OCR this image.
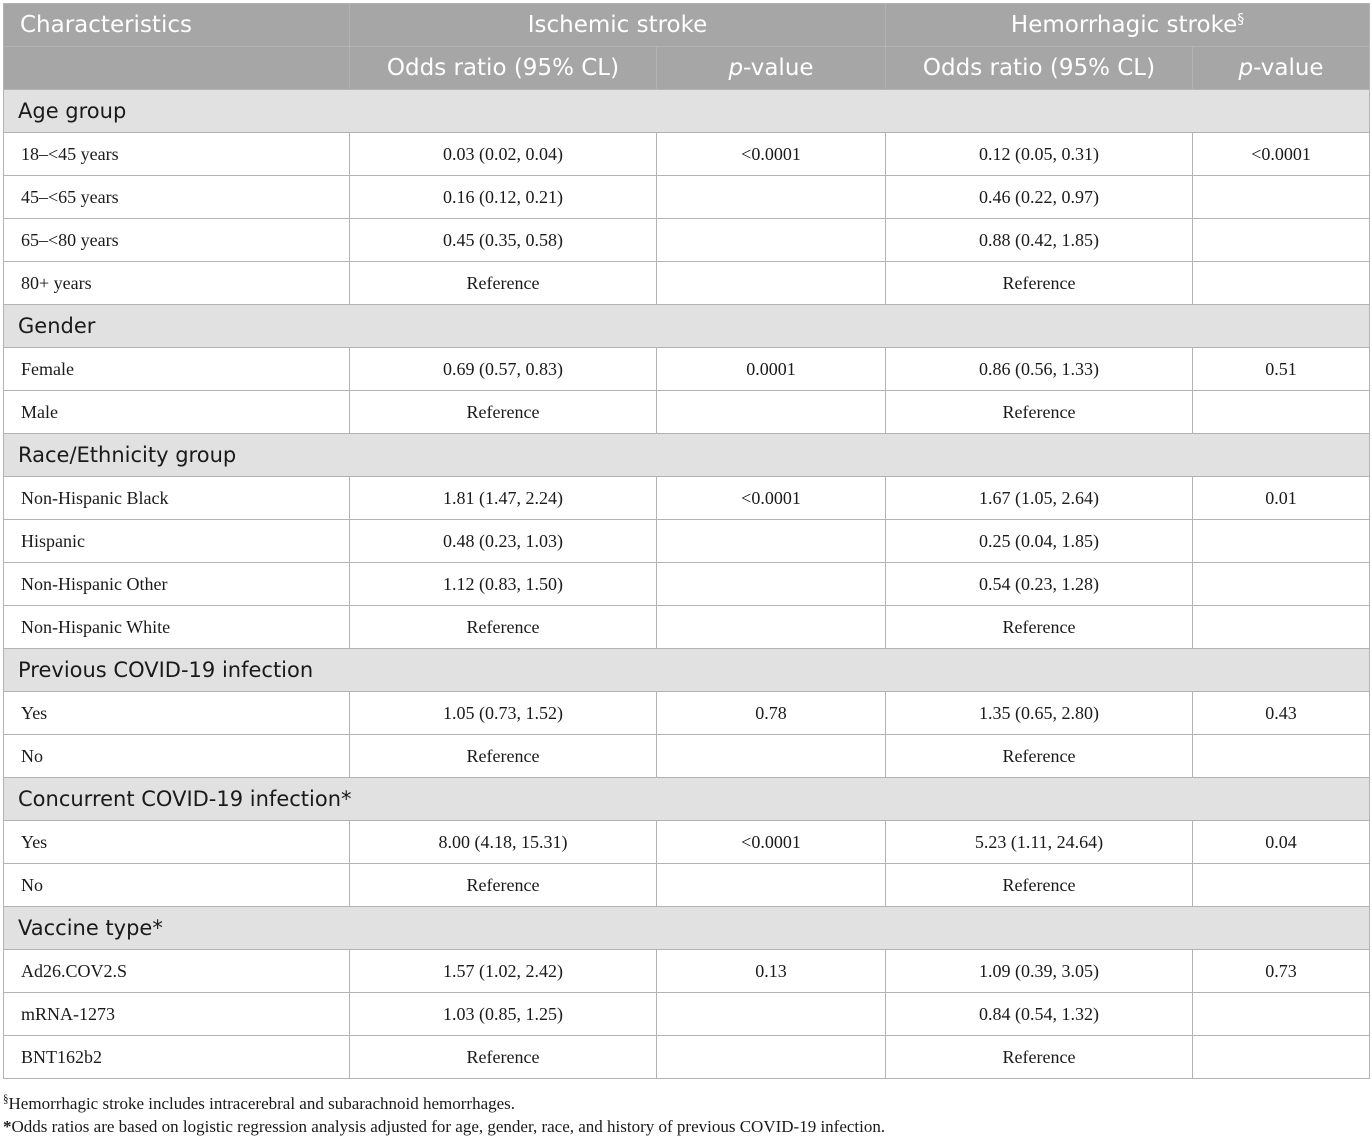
Characteristics	Ischemic stroke		Hemorrhagic stroke§
	Odds ratio (95% CL)	p-value	Odds ratio (95% CL)	p-value
Age group				
18–<45 years	0.03 (0.02, 0.04)	<0.0001	0.12 (0.05, 0.31)	<0.0001
45–<65 years	0.16 (0.12, 0.21)		0.46 (0.22, 0.97)	
65–<80 years	0.45 (0.35, 0.58)		0.88 (0.42, 1.85)	
80+ years	Reference		Reference	
Gender				
Female	0.69 (0.57, 0.83)	0.0001	0.86 (0.56, 1.33)	0.51
Male	Reference		Reference	
Race/Ethnicity group				
Non-Hispanic Black	1.81 (1.47, 2.24)	<0.0001	1.67 (1.05, 2.64)	0.01
Hispanic	0.48 (0.23, 1.03)		0.25 (0.04, 1.85)	
Non-Hispanic Other	1.12 (0.83, 1.50)		0.54 (0.23, 1.28)	
Non-Hispanic White	Reference		Reference	
Previous COVID-19 infection				
Yes	1.05 (0.73, 1.52)	0.78	1.35 (0.65, 2.80)	0.43
No	Reference		Reference	
Concurrent COVID-19 infection*				
Yes	8.00 (4.18, 15.31)	<0.0001	5.23 (1.11, 24.64)	0.04
No	Reference		Reference	
Vaccine type*				
Ad26.COV2.S	1.57 (1.02, 2.42)	0.13	1.09 (0.39, 3.05)	0.73
mRNA-1273	1.03 (0.85, 1.25)		0.84 (0.54, 1.32)	
BNT162b2	Reference		Reference	

§Hemorrhagic stroke includes intracerebral and subarachnoid hemorrhages.

*Odds ratios are based on logistic regression analysis adjusted for age, gender, race, and history of previous COVID-19 infection.
